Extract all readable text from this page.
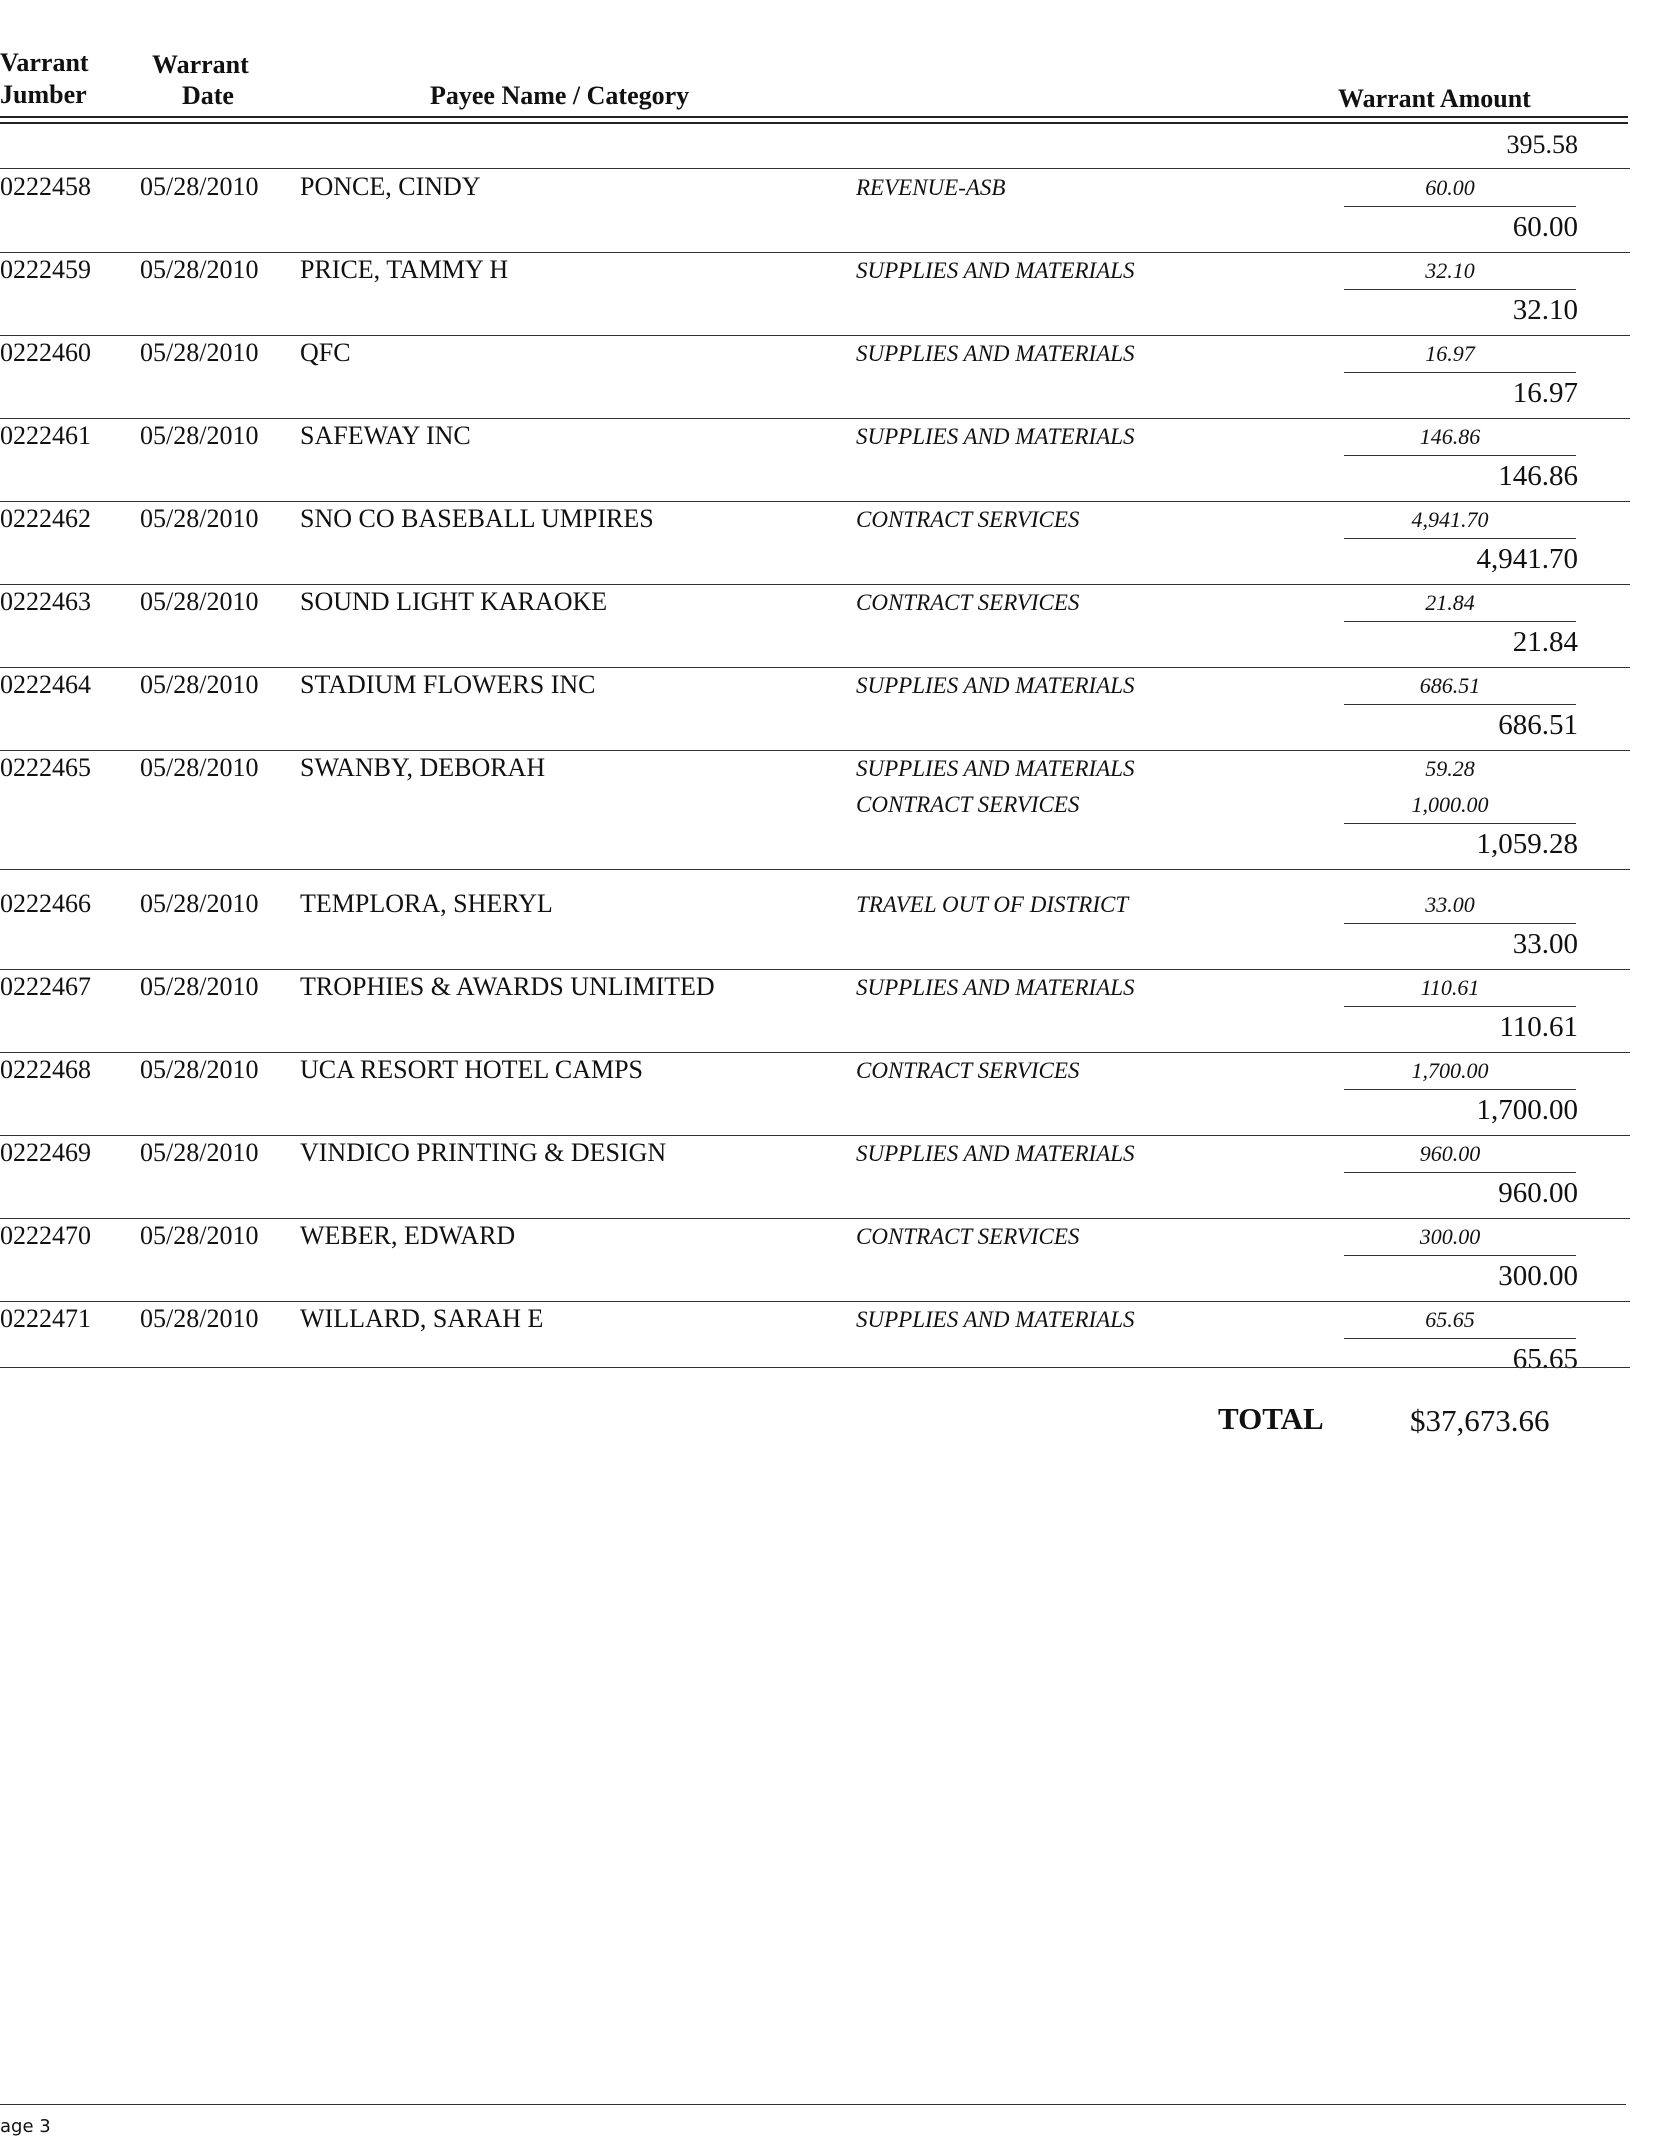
Varrant
Jumber
Warrant
Date	Payee Name / Category	Warrant Amount
395.58
0222458 05/28/2010 PONCE, CINDY	REVENUE-ASB	60.00
60.00
0222459 05/28/2010 PRICE, TAMMY H	SUPPLIES AND MATERIALS	32.10
32.10
0222460 05/28/2010 QFC	SUPPLIES AND MATERIALS	16.97
16.97
0222461 05/28/2010 SAFEWAY INC	SUPPLIES AND MATERIALS	146.86
146.86
0222462 05/28/2010 SNO CO BASEBALL UMPIRES	CONTRACT SERVICES	4,941.70
4,941.70
0222463 05/28/2010 SOUND LIGHT KARAOKE	CONTRACT SERVICES	21.84
21.84
0222464 05/28/2010 STADIUM FLOWERS INC	SUPPLIES AND MATERIALS	686.51
686.51
0222465 05/28/2010 SWANBY, DEBORAH	SUPPLIES AND MATERIALS	59.28
CONTRACT SERVICES	1,000.00
1,059.28
0222466 05/28/2010 TEMPLORA, SHERYL	TRAVEL OUT OF DISTRICT	33.00
33.00
0222467 05/28/2010 TROPHIES & AWARDS UNLIMITED	SUPPLIES AND MATERIALS	110.61
110.61
0222468 05/28/2010 UCA RESORT HOTEL CAMPS	CONTRACT SERVICES	1,700.00
1,700.00
0222469 05/28/2010 VINDICO PRINTING & DESIGN	SUPPLIES AND MATERIALS	960.00
960.00
0222470 05/28/2010 WEBER, EDWARD	CONTRACT SERVICES	300.00
300.00
0222471 05/28/2010 WILLARD, SARAH E	SUPPLIES AND MATERIALS	65.65
65.65
TOTAL	$37,673.66
age 3
